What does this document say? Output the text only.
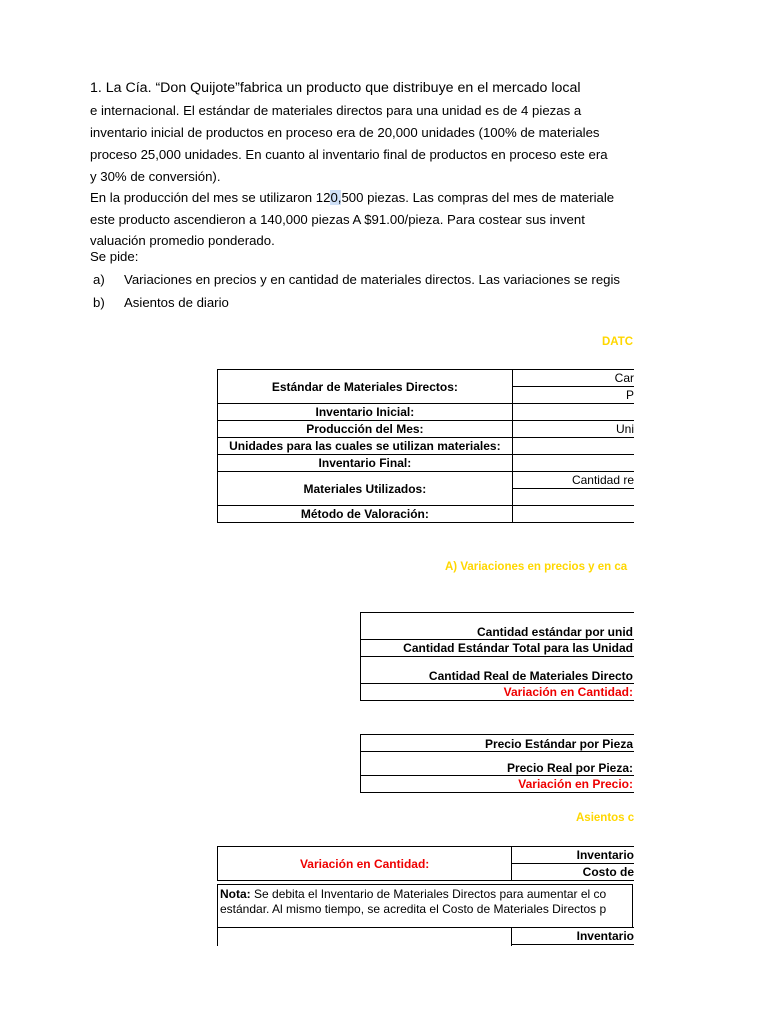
1. La Cía. “Don Quijote”fabrica un producto que distribuye en el mercado local
e internacional. El estándar de materiales directos para una unidad es de 4 piezas a
inventario inicial de productos en proceso era de 20,000 unidades (100% de materiales
proceso 25,000 unidades. En cuanto al inventario final de productos en proceso este era
y 30% de conversión).
En la producción del mes se utilizaron 120,500 piezas. Las compras del mes de materiale
este producto ascendieron a 140,000 piezas A $91.00/pieza. Para costear sus invent
valuación promedio ponderado.
Se pide:
a) Variaciones en precios y en cantidad de materiales directos. Las variaciones se regis
b) Asientos de diario
DATC
Estándar de Materiales Directos:	Car
	P
Inventario Inicial:	
Producción del Mes:	Uni
Unidades para las cuales se utilizan materiales:	
Inventario Final:	
Materiales Utilizados:	Cantidad re

Método de Valoración:	
A) Variaciones en precios y en ca
Cantidad estándar por unid
Cantidad Estándar Total para las Unidad
Cantidad Real de Materiales Directo
Variación en Cantidad:
Precio Estándar por Pieza
Precio Real por Pieza:
Variación en Precio:
Asientos c
Variación en Cantidad:	Inventario
Costo de
Nota: Se debita el Inventario de Materiales Directos para aumentar el co
estándar. Al mismo tiempo, se acredita el Costo de Materiales Directos p
	Inventario
